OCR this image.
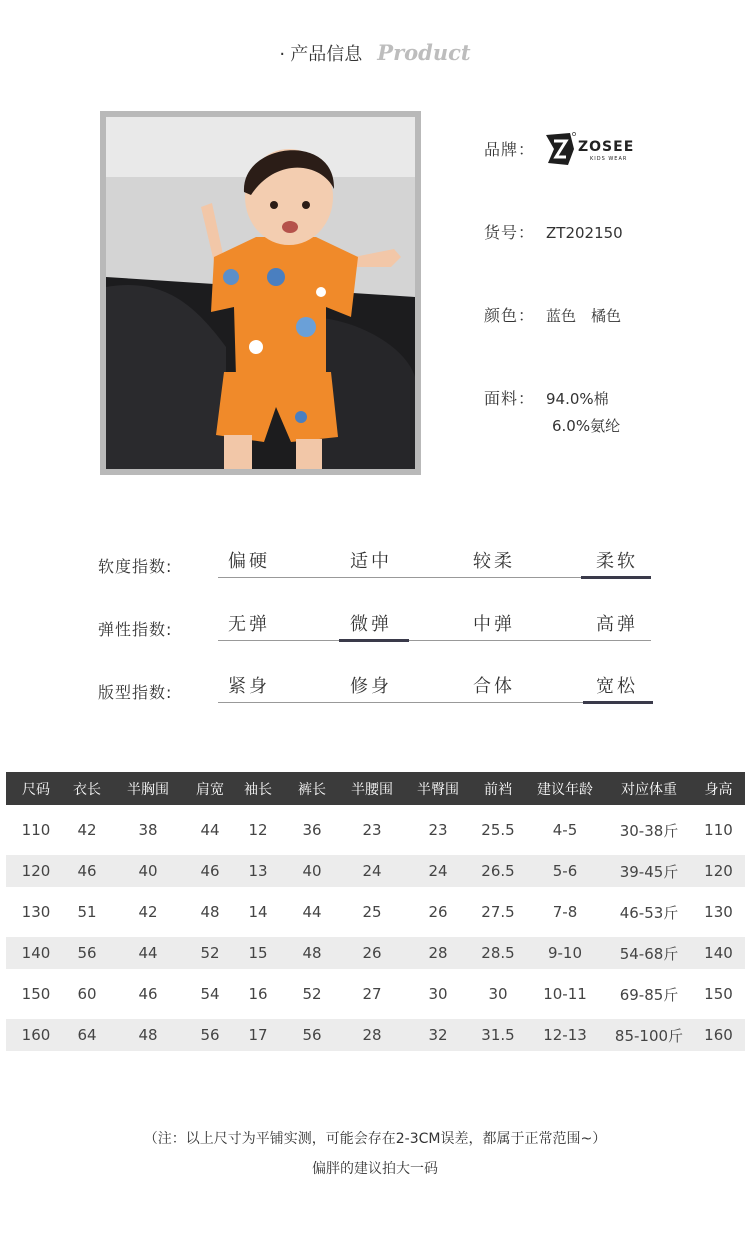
· 产品信息 Product
品牌：	ZOSEE
KIDS WEAR
货号： ZT202150
颜色： 蓝色　橘色
面料： 94.0%棉
6.0%氨纶
软度指数:	偏硬	适中	较柔	柔软
弹性指数:	无弹	微弹	中弹	高弹
版型指数:	紧身	修身	合体	宽松
尺码	衣长	半胸围	肩宽	袖长	裤长	半腰围	半臀围	前裆	建议年龄	对应体重	身高
110	42	38	44	12	36	23	23	25.5	4-5	30-38斤	110
120	46	40	46	13	40	24	24	26.5	5-6	39-45斤	120
130	51	42	48	14	44	25	26	27.5	7-8	46-53斤	130
140	56	44	52	15	48	26	28	28.5	9-10	54-68斤	140
150	60	46	54	16	52	27	30	30	10-11	69-85斤	150
160	64	48	56	17	56	28	32	31.5	12-13	85-100斤	160
（注：以上尺寸为平铺实测，可能会存在2-3CM误差，都属于正常范围~）
偏胖的建议拍大一码
